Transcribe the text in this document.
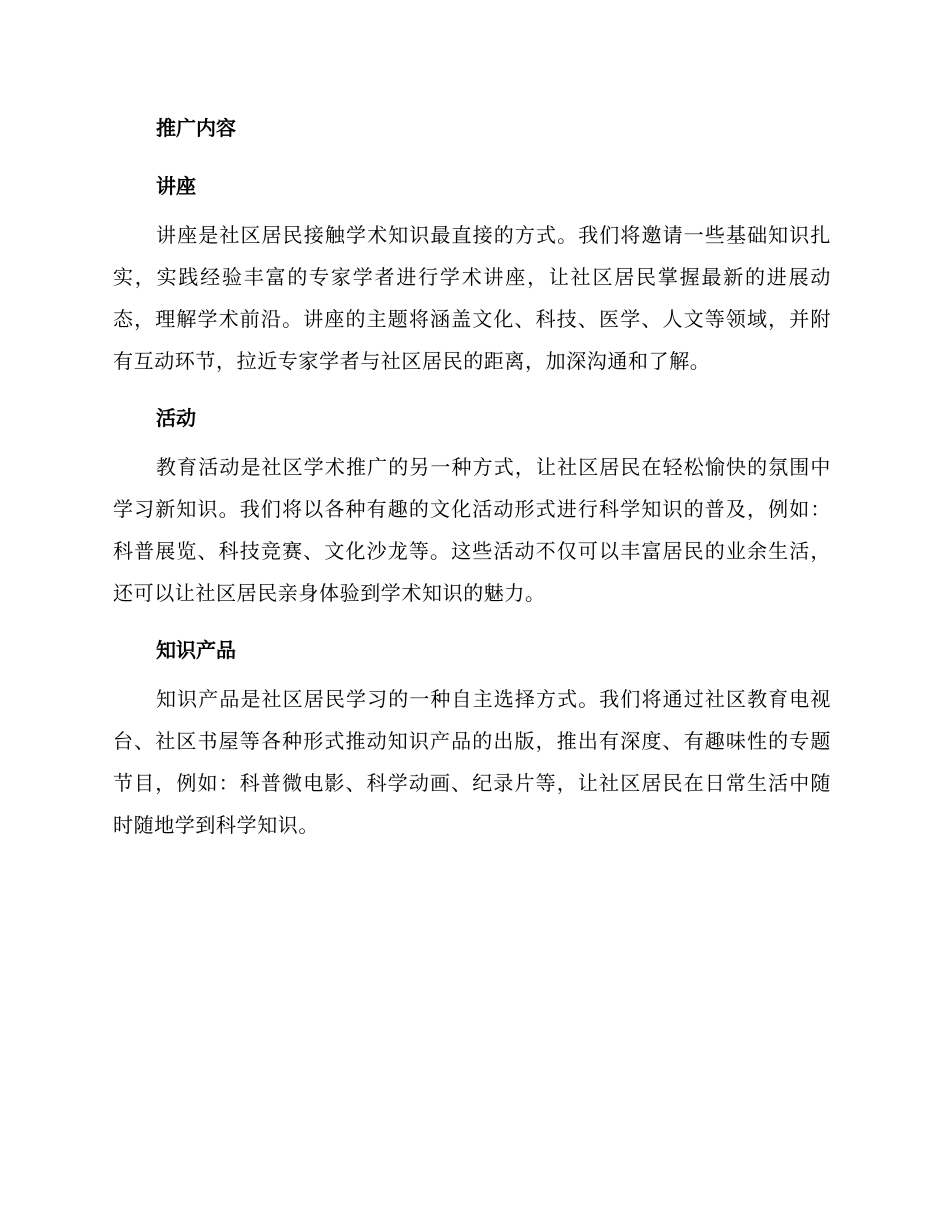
推广内容
讲座

讲座是社区居民接触学术知识最直接的方式。我们将邀请一些基础知识扎实，实践经验丰富的专家学者进行学术讲座，让社区居民掌握最新的进展动态，理解学术前沿。讲座的主题将涵盖文化、科技、医学、人文等领域，并附有互动环节，拉近专家学者与社区居民的距离，加深沟通和了解。

活动

教育活动是社区学术推广的另一种方式，让社区居民在轻松愉快的氛围中学习新知识。我们将以各种有趣的文化活动形式进行科学知识的普及，例如：科普展览、科技竞赛、文化沙龙等。这些活动不仅可以丰富居民的业余生活，还可以让社区居民亲身体验到学术知识的魅力。

知识产品

知识产品是社区居民学习的一种自主选择方式。我们将通过社区教育电视台、社区书屋等各种形式推动知识产品的出版，推出有深度、有趣味性的专题节目，例如：科普微电影、科学动画、纪录片等，让社区居民在日常生活中随时随地学到科学知识。
